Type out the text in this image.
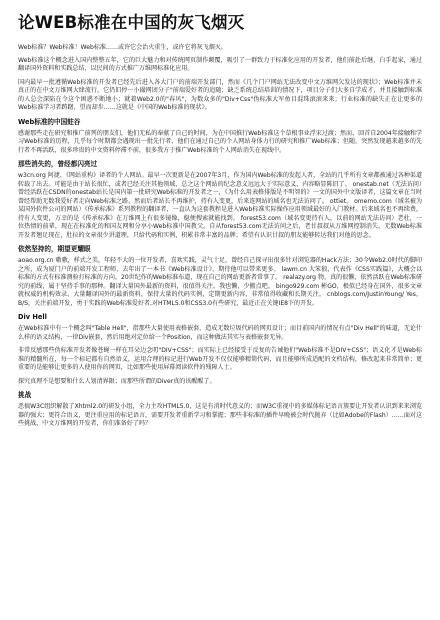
论WEB标准在中国的灰飞烟灭
Web标准？Web标准！Web标准……或许它会治火重生，或许它将灰飞烟灭。
Web标准这个概念进入国内整整五年，它的巨大魅力和对传统网页制作颠覆，吸引了一群致力于标准化应用的开发者，他们前赴后继，白手起家，通过翻译国外资料和实践总结，以民间的方式推广万维网标准化应用。
国内最早一批遵循Web标准的开发者已经先后进入各大门户的前端开发部门，然而《几个门户网站无法改变中文万维网欠发达的现状》；Web标准并未真正的在中文万维网大肆流行，它仍旧停一小撮网团分子"前端爱好者的追随；缺乏系统总结培训的情况下，项目分子们大多自学成才，并且接触到标准的人总会深陷在令这个困惑不断地小；就着Web2.0的"春风"，为数众多的"Div+Css"伪标准大军鱼目混珠滚滚来来；行业标准的缺失正在让更多的Web标准学习者踌躇，望而却步……这就是《中国的Web标准的现状》。
Web标准的中国蛀谷
感谢那些走在研究和推广前列的朋友们，他们无私的奉献了自己的时间，为在中国推行Web标准这个草根事业浮宋过渡；然而，回首自2004年接触和学习Web标准的历程，几乎每个时期都会遇现出一批先行者，他们在通过自己的个人网站身体力行的研究和推广Web标准；但随，突然发现越来越多的先行者不再活跃，很多珍贵的中文资料停滞不前，很多我方于推广Web标准的个人网站消失在视线中。
那些消失的，曾经都闪亮过
w3cn.org 阿捷，《网站重构》译者的个人网站。最早一次更新是在2007年3月，作为国内Web标准的发起人者，全站的几乎所有文章都被通过各种渠道转载了出去。可能是由于站长很忙，或者已经关注其他领域，总之这个网站的纪念意义远远大于实际意义，内容略显陈旧了。 onestab.net（无法访问）曾经活跃在CSDN的onestab站长是国内第一批研究Web标准的开发者之一，《为什么用表格排版是不明智的》一文的国外中文版译者，这篇文章在当时曾经帮助无数我爱好者走向Web标准之路。然而后者站长不再维护，持有人变更，后来连网站的域名也无法访问了。 ottiet。 omemo.com（域名被为某国外软件公司的网站）《传承标准》系列教程的翻译者，一直认为这套教程是进入Web标准实际操作应用领域最好的入门教材。后来域名也不再续费，持有人变更，万幸的是《传承标准》在万维网上有很多镜像，稳便搜索就能找到。 forest53.com（域名变更持有人，以前的网站无法访问）老杜，一位热情的前辈，现在在标准化的和国友网和分享小Web标准中国教父。自从forest53.com无法访问之后，老甘叔叔从万维网控制消失。无数Web标准开发者翘足现在，肚拉的文章很少讲道理，只给代码和实例，积累非常丰富的品牌；希望有认识甘叔的朋友能够转达我们对他的思念。
依然坚持的，期望更耀眼
aoao.org.cn 嗷嗷，样式之美，年轻不大的一位开发者，喜欢实践，灵气十足，曾经自己探寻出很多针对浏览器的Hack方法；30今Web2.0时代的脚印之所，成为厦门户的前端开发工程师，去年出了一本书《Web标准设计》，期待他可以带来更多。 lawm.cn 大笨狼，代表作《CSS实践篇》，大概会以标准的方式有标准测验打标准的方向。20世纪作的Web标准布道，现在自己的网站更新者常事了。 realazy.org 物，真的很懒，依然活跃在Web标准研究的前线，属于坚持手事的那种。翻译大量国外最新的资料，很值得关注。我也懒，少搬点吧。 bingo929.com 彬GO，极似已经身在国外，很多文章就权威的机构效录，大量翻译国外的最新资料，保持大量的代码实例，定期更新内容，非常值得收藏和长期关注。 cnblogs.com/JustinYoung/ Yes，B/S，关注前端开发，勇于实践的Web标准爱好者,对HTML5.0和CSS3.0有些研究，最近正在关键IE8下的开发。
Div Hell
在Web标准中有一个概念叫"Table Hell"，指那些大量使用表格嵌套，造成无数垃圾代码的网页设计；而目前国内的情况有点"Div Hell"的味道，无论什么样的语义结构，一律Div嵌套，然后用绝对定位给一个Position，而这种做法其实与表格嵌套无异。
非常反感那些伪标准开发者像苍蝇一样在耳朵边念叨"DIV+CSS"；而实际上已经接受于反复的告诫他们"Web标准不是DIV+CSS"；语义化才是Web标准的精髓所在，每一个标记都有自然语义，运用合理的标记进行Web开发不仅仅能够精简代码，而且能够所成适配的文档结构，修改起来非常简单；更重要的是能够让更多的人使用你的网页，比如那些使用屏幕阅读软件的残障人士。
探究真理不是想要和什么人划清界限；而那些所谓的Diver真的该醒醒了。
挑战
恶搞W3C组织解散了Xhtml2.0的研发小组，全力主攻HTML5.0，这是有消时代意义的；而W3C重视中的多媒体标记语言簇要让开发者认识到来来浏览器的强大；更符合语义，更注重应用的标记语言，需要开发者重新学习和掌握；那些非标准的插件早晚被会时代抛弃（比如Adobe的Flash）……面对这些挑战，中文万维网的开发者，你们准备好了吗？
